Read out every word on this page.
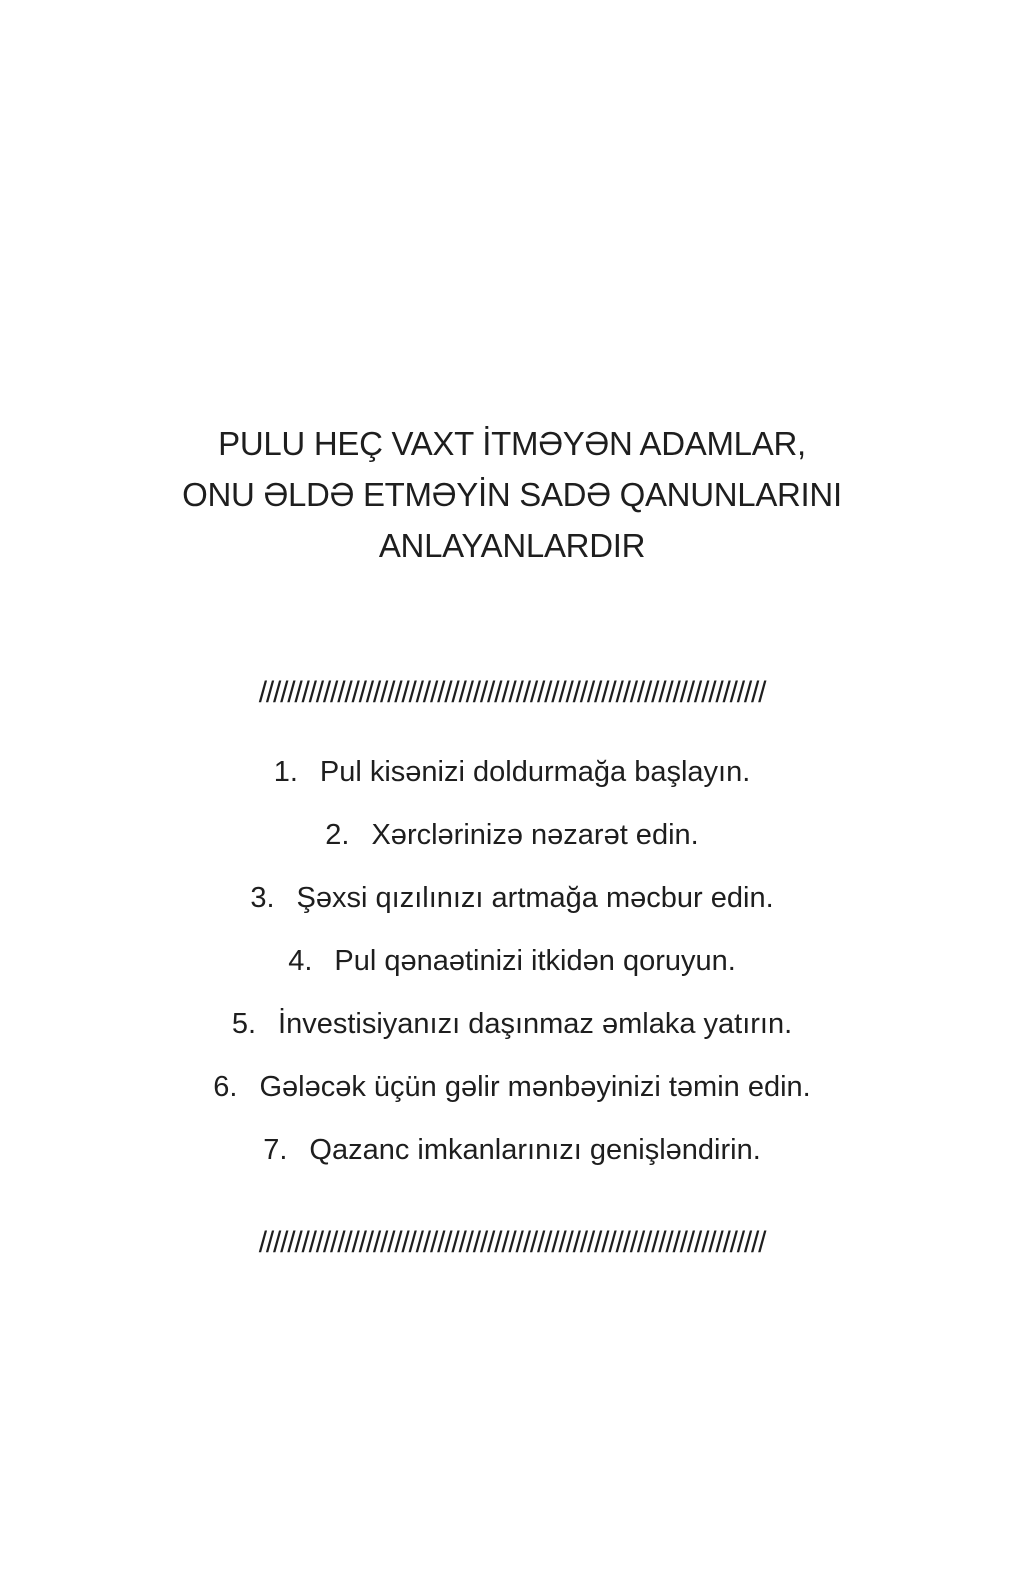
PULU HEÇ VAXT İTMƏYƏN ADAMLAR,
ONU ƏLDƏ ETMƏYİN SADƏ QANUNLARINI
ANLAYANLARDIR
///////////////////////////////////////////////////////////////////////
1. Pul kisənizi doldurmağa başlayın.
2. Xərclərinizə nəzarət edin.
3. Şəxsi qızılınızı artmağa məcbur edin.
4. Pul qənaətinizi itkidən qoruyun.
5. İnvestisiyanızı daşınmaz əmlaka yatırın.
6. Gələcək üçün gəlir mənbəyinizi təmin edin.
7. Qazanc imkanlarınızı genişləndirin.
///////////////////////////////////////////////////////////////////////
